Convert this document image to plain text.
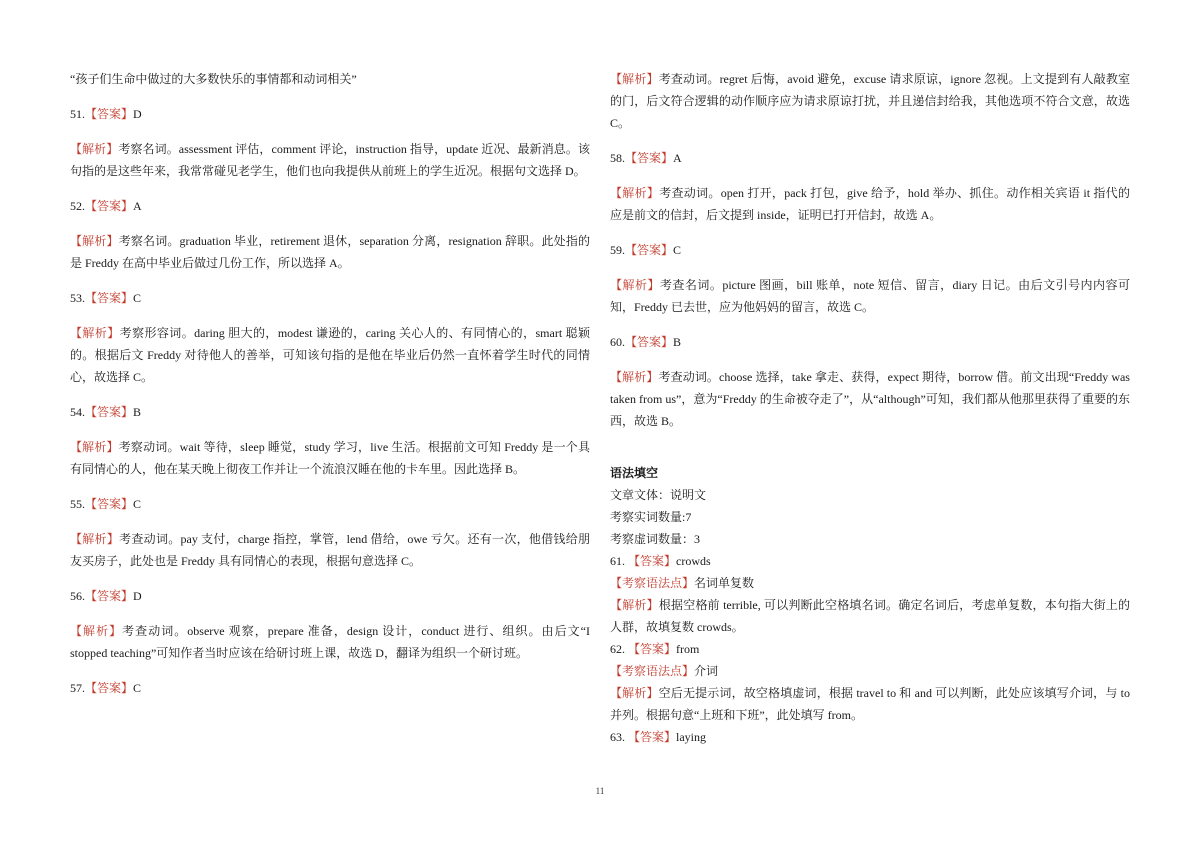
“孩子们生命中做过的大多数快乐的事情都和动词相关”

51.【答案】D

【解析】考察名词。assessment 评估，comment 评论，instruction 指导，update 近况、最新消息。该句指的是这些年来，我常常碰见老学生，他们也向我提供从前班上的学生近况。根据句文选择 D。

52.【答案】A

【解析】考察名词。graduation 毕业，retirement 退休，separation 分离，resignation 辞职。此处指的是 Freddy 在高中毕业后做过几份工作，所以选择 A。

53.【答案】C

【解析】考察形容词。daring 胆大的，modest 谦逊的，caring 关心人的、有同情心的，smart 聪颖的。根据后文 Freddy 对待他人的善举，可知该句指的是他在毕业后仍然一直怀着学生时代的同情心，故选择 C。

54.【答案】B

【解析】考察动词。wait 等待，sleep 睡觉，study 学习，live 生活。根据前文可知 Freddy 是一个具有同情心的人，他在某天晚上彻夜工作并让一个流浪汉睡在他的卡车里。因此选择 B。

55.【答案】C

【解析】考查动词。pay 支付，charge 指控，掌管，lend 借给，owe 亏欠。还有一次，他借钱给朋友买房子，此处也是 Freddy 具有同情心的表现，根据句意选择 C。

56.【答案】D

【解析】考查动词。observe 观察，prepare 准备，design 设计，conduct 进行、组织。由后文“I stopped teaching”可知作者当时应该在给研讨班上课，故选 D，翻译为组织一个研讨班。

57.【答案】C

【解析】考查动词。regret 后悔，avoid 避免，excuse 请求原谅，ignore 忽视。上文提到有人敲教室的门，后文符合逻辑的动作顺序应为请求原谅打扰，并且递信封给我，其他选项不符合文意，故选 C。

58.【答案】A

【解析】考查动词。open 打开，pack 打包，give 给予，hold 举办、抓住。动作相关宾语 it 指代的应是前文的信封，后文提到 inside，证明已打开信封，故选 A。

59.【答案】C

【解析】考查名词。picture 图画，bill 账单，note 短信、留言，diary 日记。由后文引号内内容可知，Freddy 已去世，应为他妈妈的留言，故选 C。

60.【答案】B

【解析】考查动词。choose 选择，take 拿走、获得，expect 期待，borrow 借。前文出现“Freddy was taken from us”，意为“Freddy 的生命被夺走了”，从“although”可知，我们都从他那里获得了重要的东西，故选 B。

语法填空

文章文体：说明文

考察实词数量:7

考察虚词数量：3

61. 【答案】crowds

【考察语法点】名词单复数

【解析】根据空格前 terrible, 可以判断此空格填名词。确定名词后，考虑单复数，本句指大街上的人群，故填复数 crowds。

62. 【答案】from

【考察语法点】介词

【解析】空后无提示词，故空格填虚词，根据 travel to 和 and 可以判断，此处应该填写介词，与 to 并列。根据句意“上班和下班”，此处填写 from。

63. 【答案】laying

11
